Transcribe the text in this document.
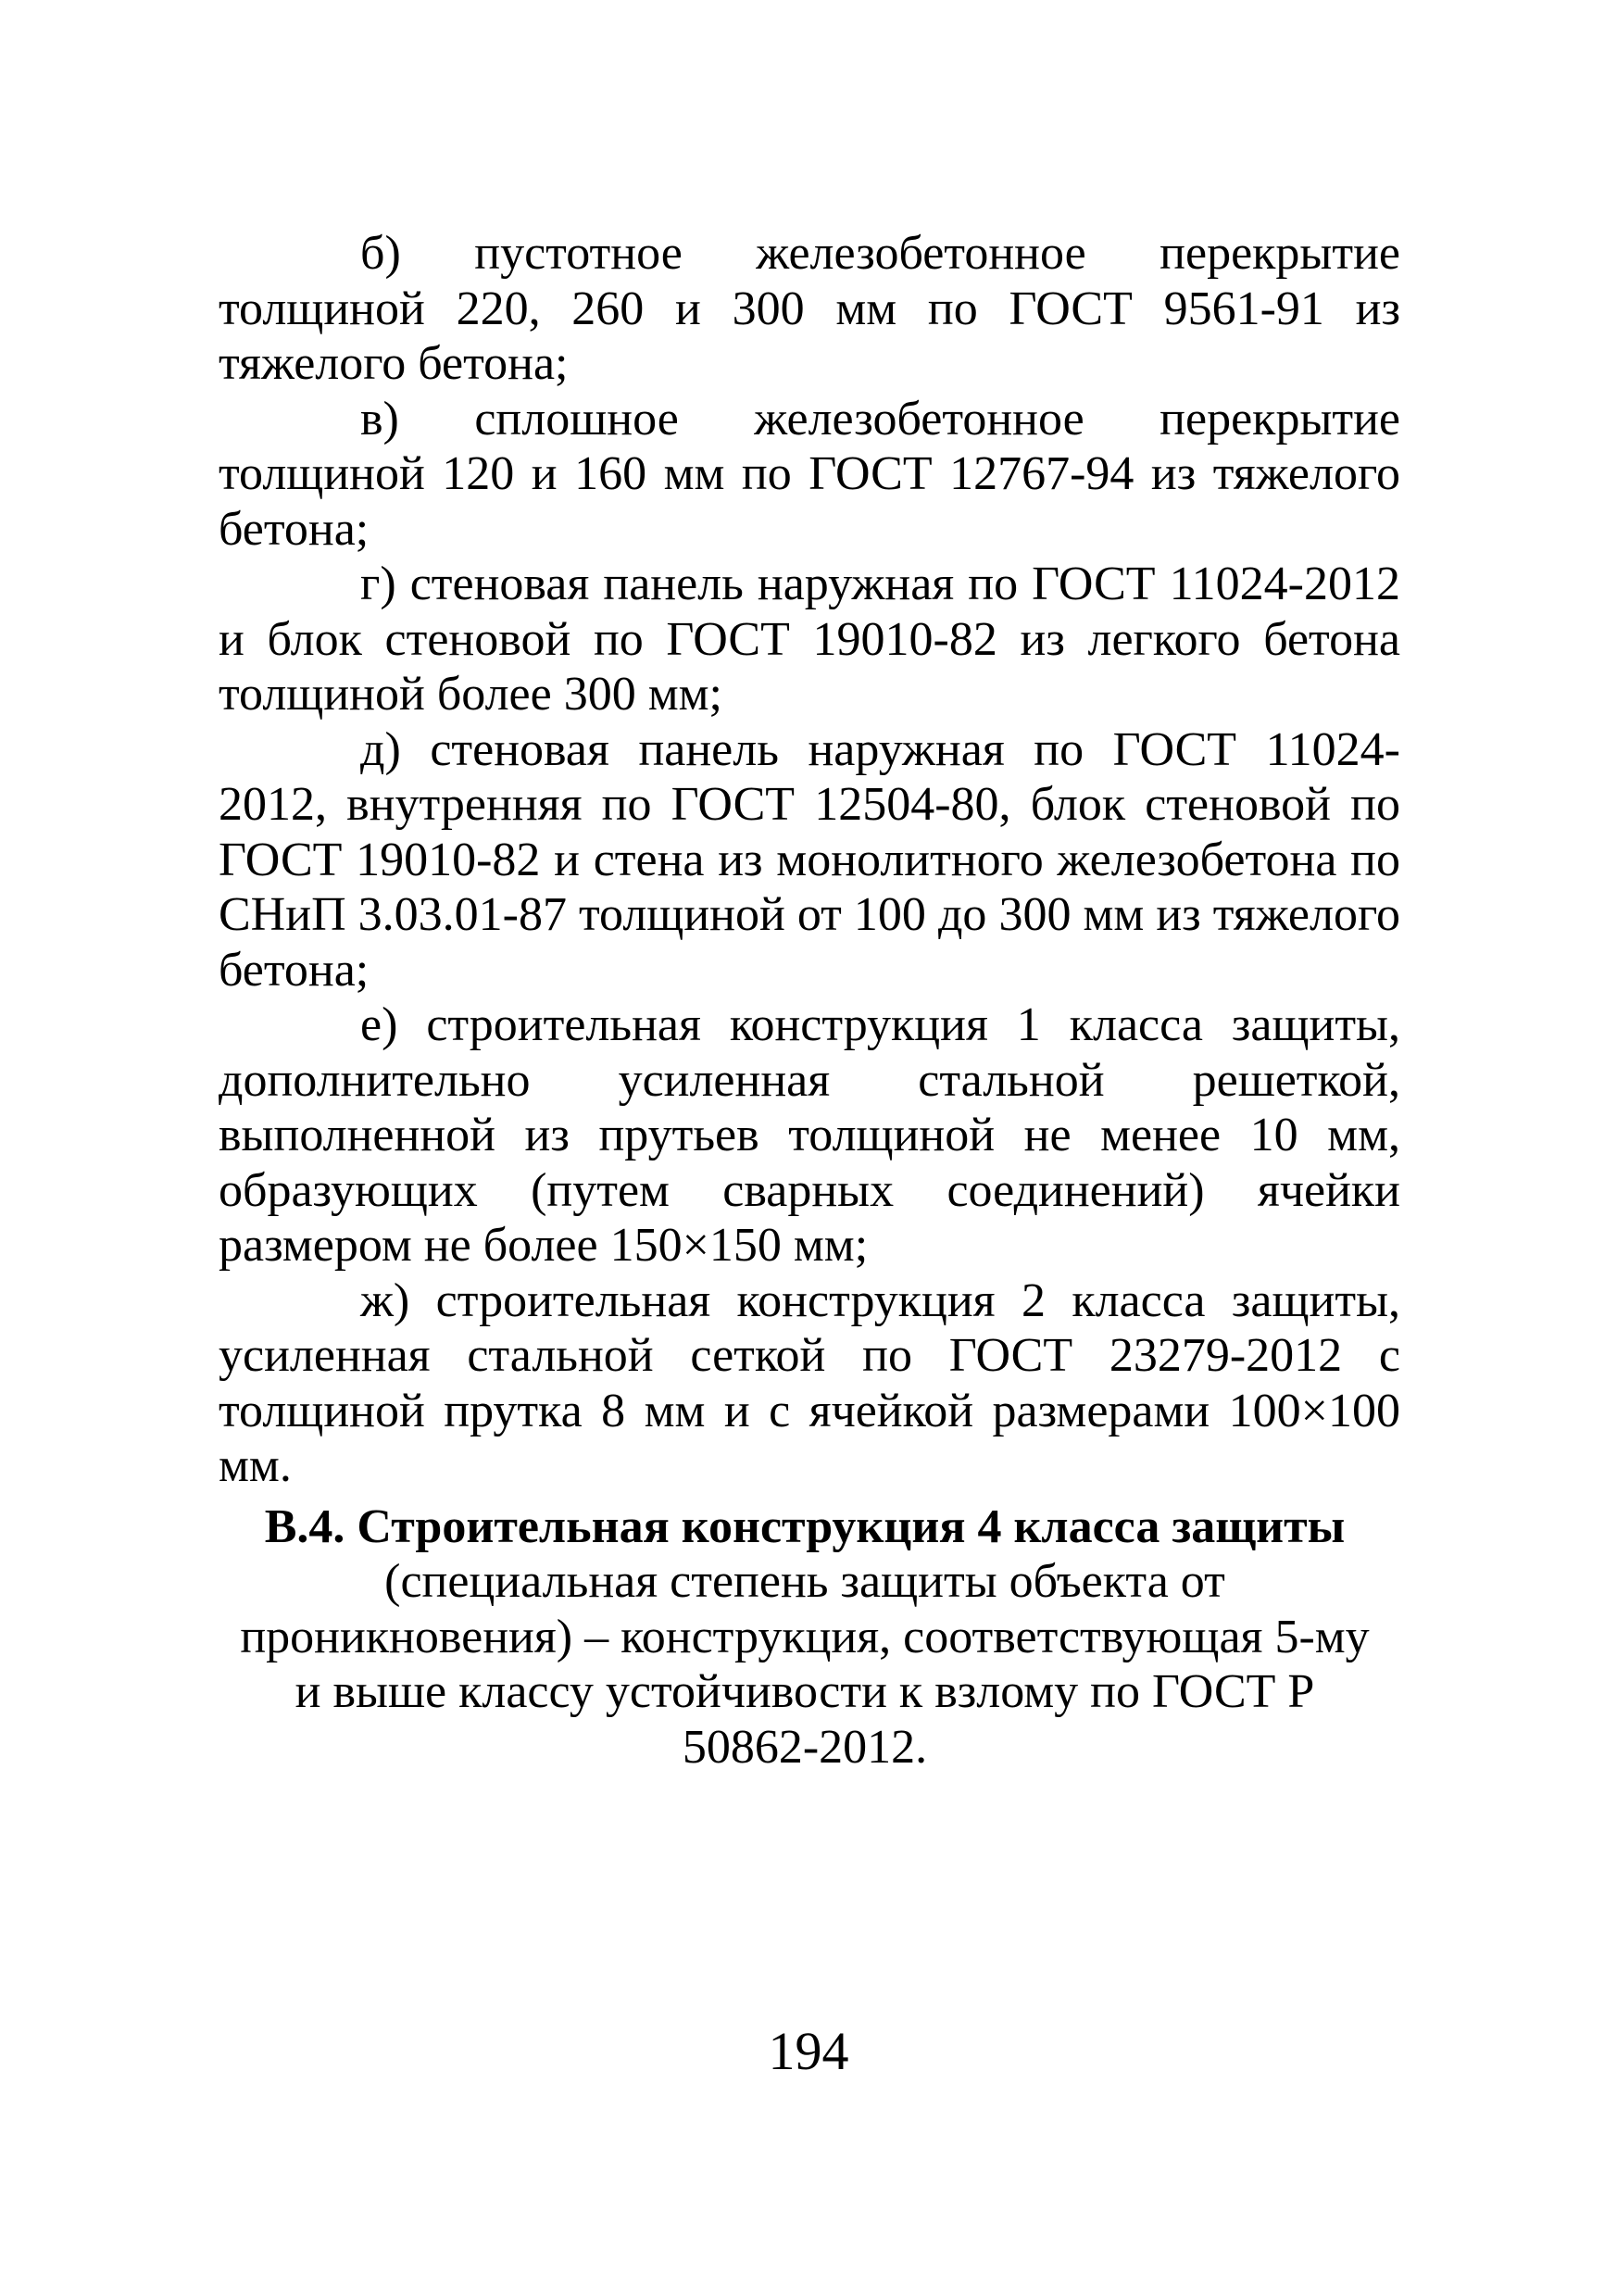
б) пустотное железобетонное перекрытие толщиной 220, 260 и 300 мм по ГОСТ 9561-91 из тяжелого бетона;

в) сплошное железобетонное перекрытие толщиной 120 и 160 мм по ГОСТ 12767-94 из тяжелого бетона;

г) стеновая панель наружная по ГОСТ 11024-2012 и блок стеновой по ГОСТ 19010-82 из легкого бетона толщиной более 300 мм;

д) стеновая панель наружная по ГОСТ 11024-2012, внутренняя по ГОСТ 12504-80, блок стеновой по ГОСТ 19010-82 и стена из монолитного железобетона по СНиП 3.03.01-87 толщиной от 100 до 300 мм из тяжелого бетона;

е) строительная конструкция 1 класса защиты, дополнительно усиленная стальной решеткой, выполненной из прутьев толщиной не менее 10 мм, образующих (путем сварных соединений) ячейки размером не более 150×150 мм;

ж) строительная конструкция 2 класса защиты, усиленная стальной сеткой по ГОСТ 23279-2012 с толщиной прутка 8 мм и с ячейкой размерами 100×100 мм.

В.4. Строительная конструкция 4 класса защиты (специальная степень защиты объекта от проникновения) – конструкция, соответствующая 5-му и выше классу устойчивости к взлому по ГОСТ Р 50862-2012.

194
